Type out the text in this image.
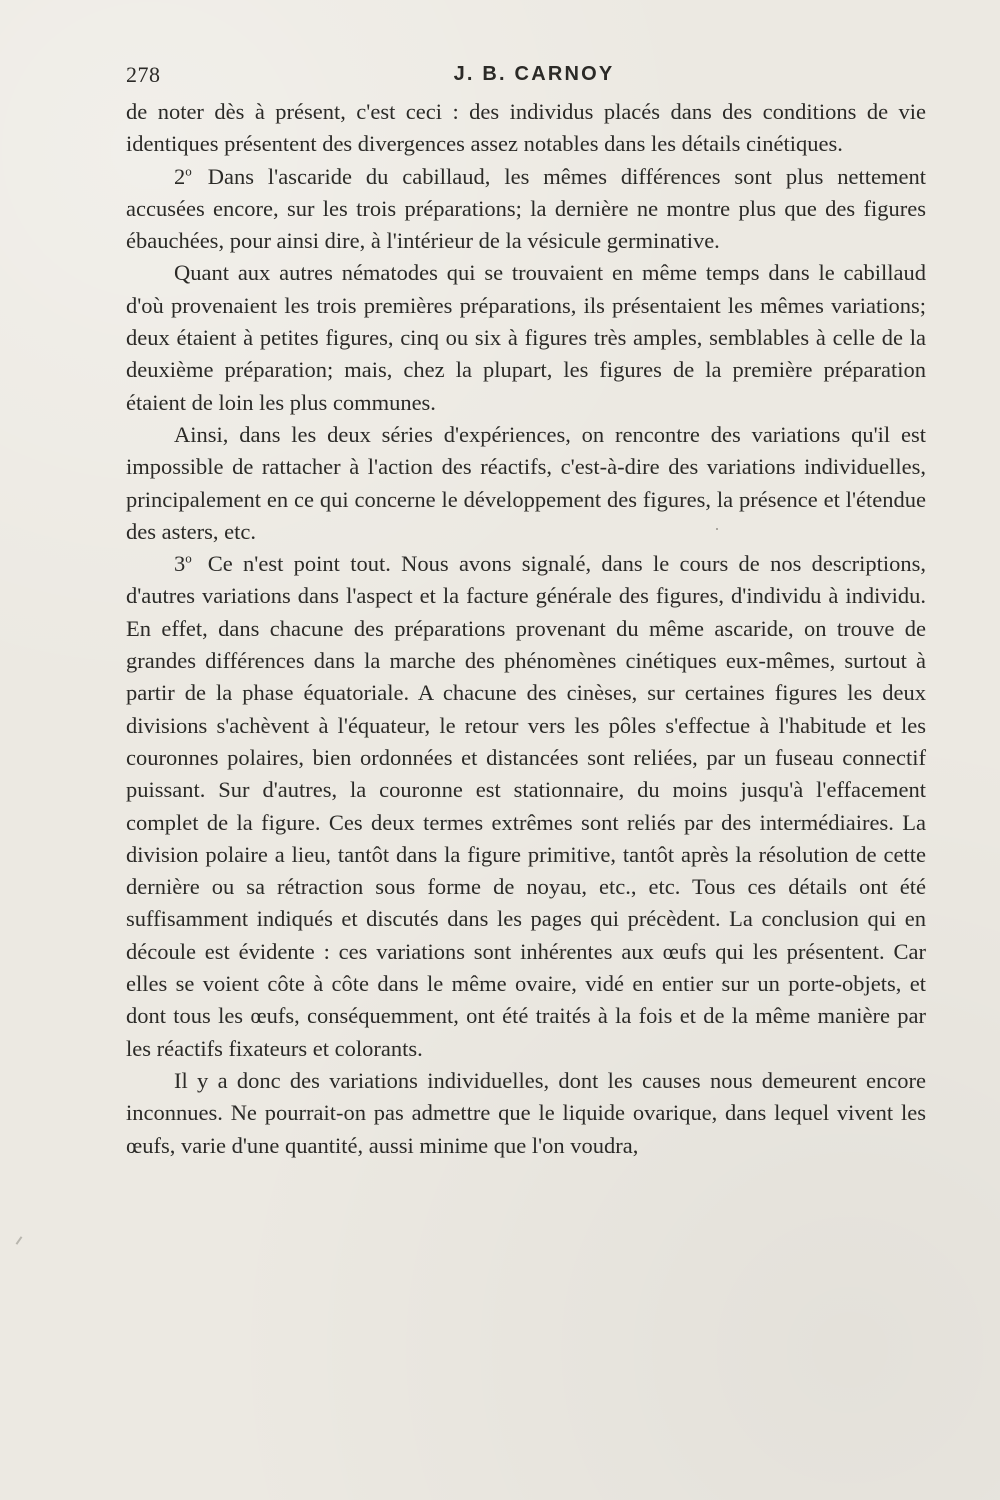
278	J. B. CARNOY

de noter dès à présent, c'est ceci : des individus placés dans des conditions de vie identiques présentent des divergences assez notables dans les détails cinétiques.

2$^o$ Dans l'ascaride du cabillaud, les mêmes différences sont plus nettement accusées encore, sur les trois préparations; la dernière ne montre plus que des figures ébauchées, pour ainsi dire, à l'intérieur de la vésicule germinative.

Quant aux autres nématodes qui se trouvaient en même temps dans le cabillaud d'où provenaient les trois premières préparations, ils présentaient les mêmes variations; deux étaient à petites figures, cinq ou six à figures très amples, semblables à celle de la deuxième préparation; mais, chez la plupart, les figures de la première préparation étaient de loin les plus communes.

Ainsi, dans les deux séries d'expériences, on rencontre des variations qu'il est impossible de rattacher à l'action des réactifs, c'est-à-dire des variations individuelles, principalement en ce qui concerne le développement des figures, la présence et l'étendue des asters, etc.

3$^o$ Ce n'est point tout. Nous avons signalé, dans le cours de nos descriptions, d'autres variations dans l'aspect et la facture générale des figures, d'individu à individu. En effet, dans chacune des préparations provenant du même ascaride, on trouve de grandes différences dans la marche des phénomènes cinétiques eux-mêmes, surtout à partir de la phase équatoriale. A chacune des cinèses, sur certaines figures les deux divisions s'achèvent à l'équateur, le retour vers les pôles s'effectue à l'habitude et les couronnes polaires, bien ordonnées et distancées sont reliées, par un fuseau connectif puissant. Sur d'autres, la couronne est stationnaire, du moins jusqu'à l'effacement complet de la figure. Ces deux termes extrêmes sont reliés par des intermédiaires. La division polaire a lieu, tantôt dans la figure primitive, tantôt après la résolution de cette dernière ou sa rétraction sous forme de noyau, etc., etc. Tous ces détails ont été suffisamment indiqués et discutés dans les pages qui précèdent. La conclusion qui en découle est évidente : ces variations sont inhérentes aux œufs qui les présentent. Car elles se voient côte à côte dans le même ovaire, vidé en entier sur un porte-objets, et dont tous les œufs, conséquemment, ont été traités à la fois et de la même manière par les réactifs fixateurs et colorants.

Il y a donc des variations individuelles, dont les causes nous demeurent encore inconnues. Ne pourrait-on pas admettre que le liquide ovarique, dans lequel vivent les œufs, varie d'une quantité, aussi minime que l'on voudra,
